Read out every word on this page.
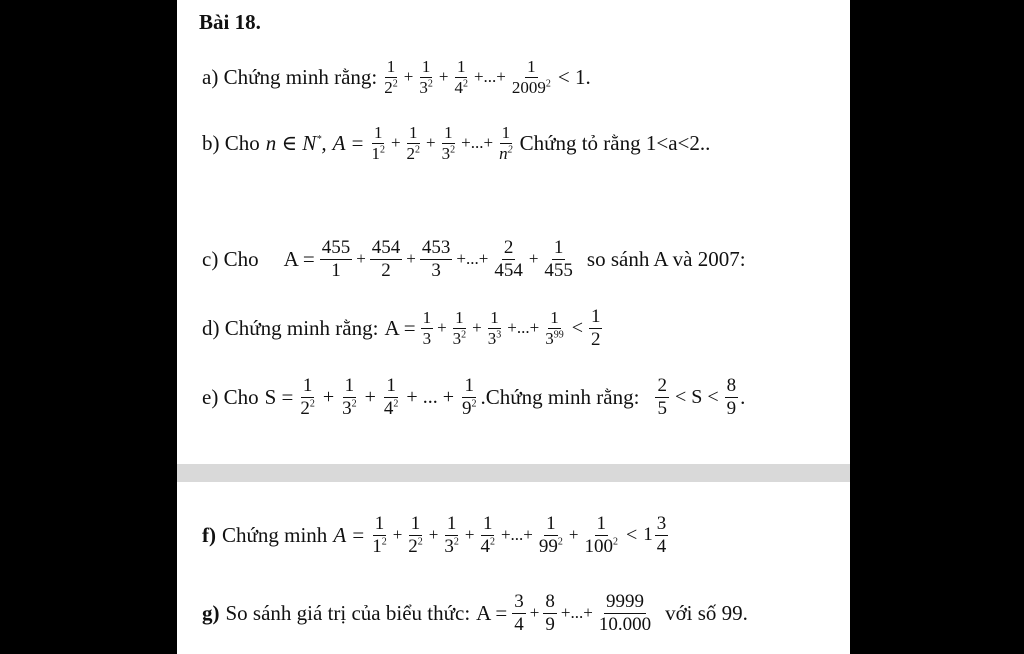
Bài 18.
a) Chứng minh rằng: $\frac{1}{2^2} + \frac{1}{3^2} + \frac{1}{4^2}$ +...+ $\frac{1}{2009^2} < 1$.
b) Cho n ∈ N*, $A = \frac{1}{1^2} + \frac{1}{2^2} + \frac{1}{3^2}$ +...+ $\frac{1}{n^2}$ Chứng tỏ rằng 1<a<2..
c) Cho	$A = \frac{455}{1} + \frac{454}{2} + \frac{453}{3}$ +...+ $\frac{2}{454} + \frac{1}{455}$ so sánh A và 2007:
d) Chứng minh rằng: $A = \frac{1}{3} + \frac{1}{3^2} + \frac{1}{3^3}$ +...+ $\frac{1}{3^{99}} < \frac{1}{2}$
e) Cho $S = \frac{1}{2^2} + \frac{1}{3^2} + \frac{1}{4^2}$ + ... + $\frac{1}{9^2}$ .Chứng minh rằng: $\frac{2}{5} < S < \frac{8}{9}$ .
f) Chứng minh $A = \frac{1}{1^2} + \frac{1}{2^2} + \frac{1}{3^2} + \frac{1}{4^2}$ +...+ $\frac{1}{99^2} + \frac{1}{100^2} < 1 \frac{3}{4}$
g) So sánh giá trị của biểu thức: $A = \frac{3}{4} + \frac{8}{9}$ +...+ $\frac{9999}{10.000}$ với số 99.
